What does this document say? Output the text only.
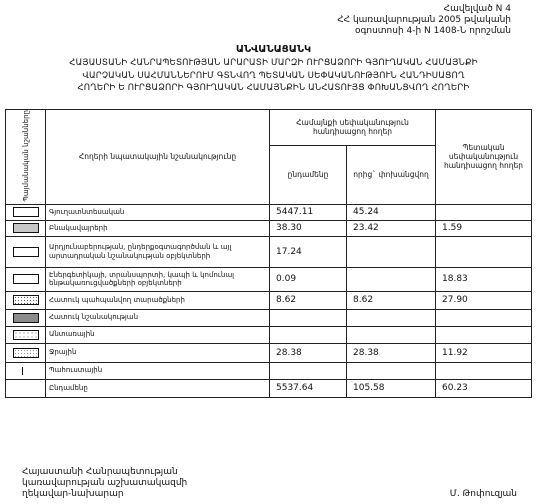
Հավելված N 4
ՀՀ կառավարության 2005 թվականի
օգոստոսի 4-ի N 1408-Ն որոշման
ԱՆՎԱՆԱՑԱՆԿ
ՀԱՅԱՍՏԱՆԻ ՀԱՆՐԱՊԵՏՈՒԹՅԱՆ ԱՐԱՐԱՏԻ ՄԱՐԶԻ ՈՒՐՑԱՁՈՐԻ ԳՅՈՒՂԱԿԱՆ ՀԱՄԱՅՆՔԻ
ՎԱՐՉԱԿԱՆ ՍԱՀՄԱՆՆԵՐՈՒՄ ԳՏՆՎՈՂ ՊԵՏԱԿԱՆ ՍԵՓԱԿԱՆՈՒԹՅՈՒՆ ՀԱՆԴԻՍԱՑՈՂ
ՀՈՂԵՐԻ Ե ՈՒՐՑԱՁՈՐԻ ԳՅՈՒՂԱԿԱՆ ՀԱՄԱՅՆՔԻՆ ԱՆՀԱՏՈՒՅՑ ՓՈԽԱՆՑՎՈՂ ՀՈՂԵՐԻ
Պայմանական նշանները	Հողերի նպատակային նշանակությունը	Համայնքի սեփականություն հանդիսացող հողեր		Պետական սեփականություն հանդիսացող հողեր
		ընդամենը	որից` փոխանցվող	
	Գյուղատնտեսական	5447.11	45.24	
	Բնակավայրերի	38.30	23.42	1.59
	Արդյունաբերության, ընդերքօգտագործման և այլ արտադրական նշանակության օբյեկտների	17.24		
	Էներգետիկայի, տրանսպորտի, կապի և կոմունալ ենթակառուցվածքների օբյեկտների	0.09		18.83
	Հատուկ պահպանվող տարածքների	8.62	8.62	27.90
	Հատուկ նշանակության			
	Անտառային			
	Ջրային	28.38	28.38	11.92
	Պահուստային			
	Ընդամենը	5537.64	105.58	60.23
Հայաստանի Հանրապետության
կառավարության աշխատակազմի
ղեկավար-նախարար	Մ. Թոփուզյան
